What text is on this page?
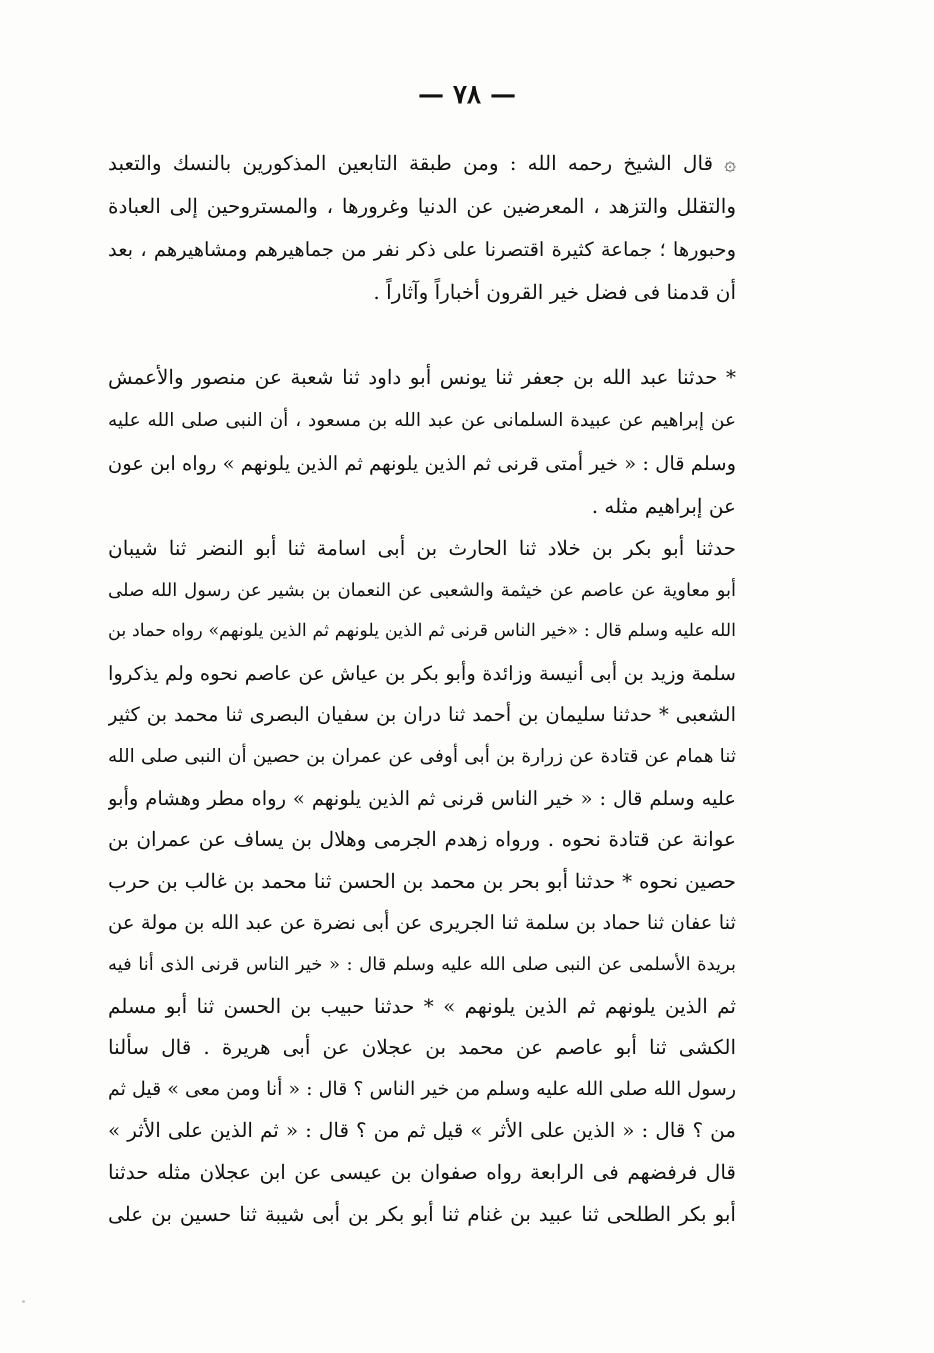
— ٧٨ —
۞ قال الشيخ رحمه الله : ومن طبقة التابعين المذكورين بالنسك والتعبد
والتقلل والتزهد ، المعرضين عن الدنيا وغرورها ، والمستروحين إلى العبادة
وحبورها ؛ جماعة كثيرة اقتصرنا على ذكر نفر من جماهيرهم ومشاهيرهم ، بعد
أن قدمنا فى فضل خير القرون أخباراً وآثاراً .
* حدثنا عبد الله بن جعفر ثنا يونس أبو داود ثنا شعبة عن منصور والأعمش
عن إبراهيم عن عبيدة السلمانى عن عبد الله بن مسعود ، أن النبى صلى الله عليه
وسلم قال : « خير أمتى قرنى ثم الذين يلونهم ثم الذين يلونهم » رواه ابن عون
عن إبراهيم مثله .
حدثنا أبو بكر بن خلاد ثنا الحارث بن أبى اسامة ثنا أبو النضر ثنا شيبان
أبو معاوية عن عاصم عن خيثمة والشعبى عن النعمان بن بشير عن رسول الله صلى
الله عليه وسلم قال : «خير الناس قرنى ثم الذين يلونهم ثم الذين يلونهم» رواه حماد بن
سلمة وزيد بن أبى أنيسة وزائدة وأبو بكر بن عياش عن عاصم نحوه ولم يذكروا
الشعبى * حدثنا سليمان بن أحمد ثنا دران بن سفيان البصرى ثنا محمد بن كثير
ثنا همام عن قتادة عن زرارة بن أبى أوفى عن عمران بن حصين أن النبى صلى الله
عليه وسلم قال : « خير الناس قرنى ثم الذين يلونهم » رواه مطر وهشام وأبو
عوانة عن قتادة نحوه . ورواه زهدم الجرمى وهلال بن يساف عن عمران بن
حصين نحوه * حدثنا أبو بحر بن محمد بن الحسن ثنا محمد بن غالب بن حرب
ثنا عفان ثنا حماد بن سلمة ثنا الجريرى عن أبى نضرة عن عبد الله بن مولة عن
بريدة الأسلمى عن النبى صلى الله عليه وسلم قال : « خير الناس قرنى الذى أنا فيه
ثم الذين يلونهم ثم الذين يلونهم » * حدثنا حبيب بن الحسن ثنا أبو مسلم
الكشى ثنا أبو عاصم عن محمد بن عجلان عن أبى هريرة . قال سألنا
رسول الله صلى الله عليه وسلم من خير الناس ؟ قال : « أنا ومن معى » قيل ثم
من ؟ قال : « الذين على الأثر » قيل ثم من ؟ قال : « ثم الذين على الأثر »
قال فرفضهم فى الرابعة رواه صفوان بن عيسى عن ابن عجلان مثله حدثنا
أبو بكر الطلحى ثنا عبيد بن غنام ثنا أبو بكر بن أبى شيبة ثنا حسين بن على
